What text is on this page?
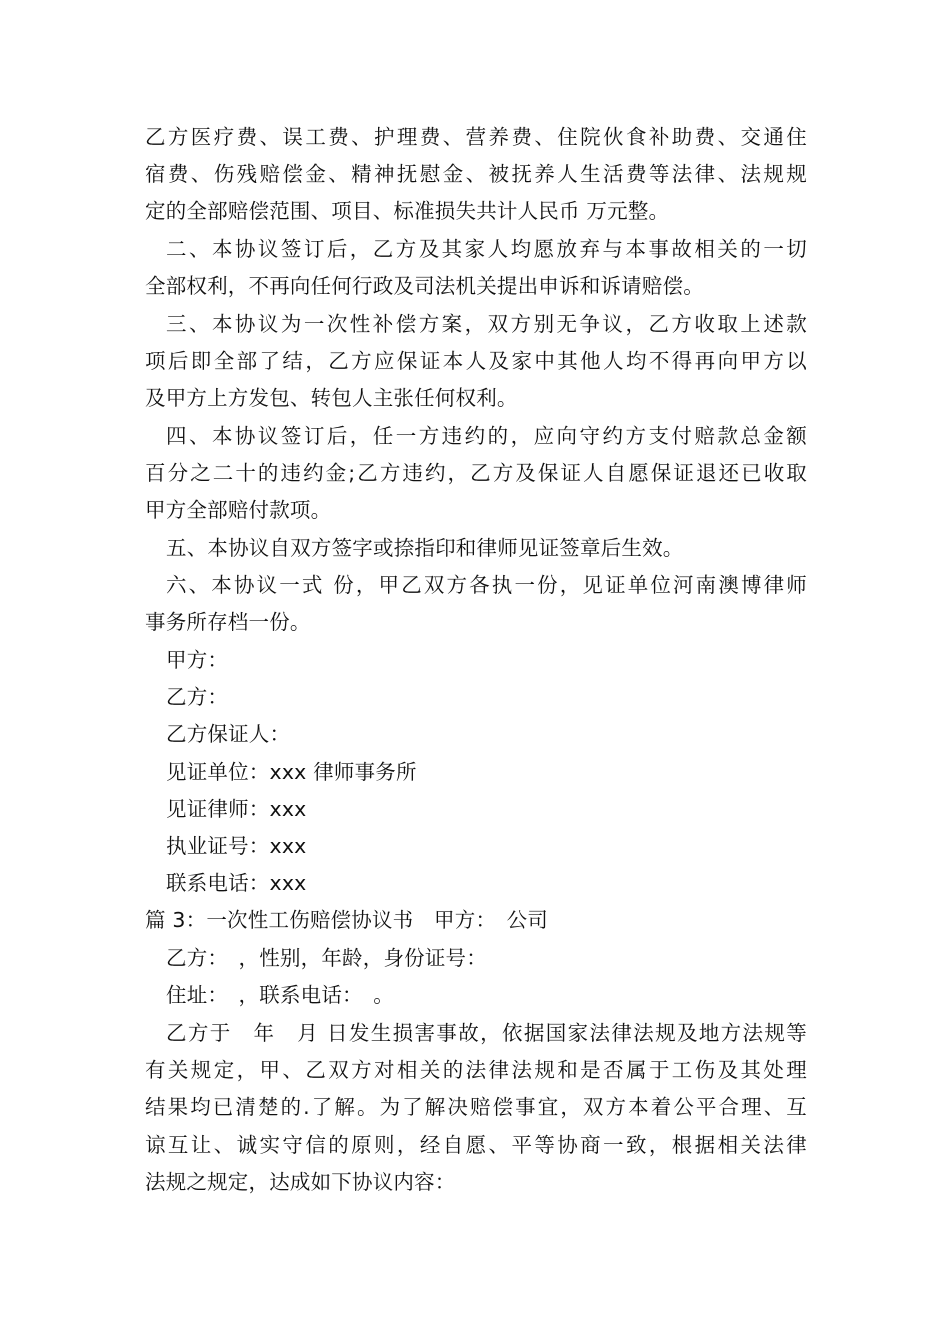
乙方医疗费、误工费、护理费、营养费、住院伙食补助费、交通住
宿费、伤残赔偿金、精神抚慰金、被抚养人生活费等法律、法规规
定的全部赔偿范围、项目、标准损失共计人民币 万元整。
二、本协议签订后，乙方及其家人均愿放弃与本事故相关的一切
全部权利，不再向任何行政及司法机关提出申诉和诉请赔偿。
三、本协议为一次性补偿方案，双方别无争议，乙方收取上述款
项后即全部了结，乙方应保证本人及家中其他人均不得再向甲方以
及甲方上方发包、转包人主张任何权利。
四、本协议签订后，任一方违约的，应向守约方支付赔款总金额
百分之二十的违约金;乙方违约，乙方及保证人自愿保证退还已收取
甲方全部赔付款项。
五、本协议自双方签字或捺指印和律师见证签章后生效。
六、本协议一式 份，甲乙双方各执一份，见证单位河南澳博律师
事务所存档一份。
甲方：
乙方：
乙方保证人：
见证单位：xxx 律师事务所
见证律师：xxx
执业证号：xxx
联系电话：xxx
篇 3：一次性工伤赔偿协议书　甲方：　公司
乙方：　，性别，年龄，身份证号：
住址：　，联系电话：　。
乙方于　年　月 日发生损害事故，依据国家法律法规及地方法规等
有关规定，甲、乙双方对相关的法律法规和是否属于工伤及其处理
结果均已清楚的.了解。为了解决赔偿事宜，双方本着公平合理、互
谅互让、诚实守信的原则，经自愿、平等协商一致，根据相关法律
法规之规定，达成如下协议内容：
